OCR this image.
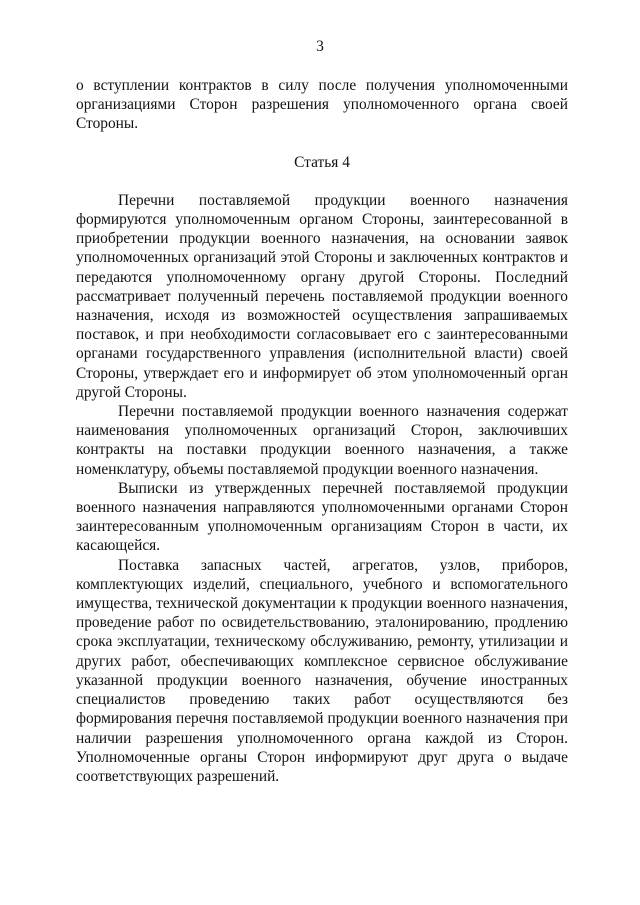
3

о вступлении контрактов в силу после получения уполномоченными организациями Сторон разрешения уполномоченного органа своей Стороны.

Статья 4

Перечни поставляемой продукции военного назначения формируются уполномоченным органом Стороны, заинтересованной в приобретении продукции военного назначения, на основании заявок уполномоченных организаций этой Стороны и заключенных контрактов и передаются уполномоченному органу другой Стороны. Последний рассматривает полученный перечень поставляемой продукции военного назначения, исходя из возможностей осуществления запрашиваемых поставок, и при необходимости согласовывает его с заинтересованными органами государственного управления (исполнительной власти) своей Стороны, утверждает его и информирует об этом уполномоченный орган другой Стороны.

Перечни поставляемой продукции военного назначения содержат наименования уполномоченных организаций Сторон, заключивших контракты на поставки продукции военного назначения, а также номенклатуру, объемы поставляемой продукции военного назначения.

Выписки из утвержденных перечней поставляемой продукции военного назначения направляются уполномоченными органами Сторон заинтересованным уполномоченным организациям Сторон в части, их касающейся.

Поставка запасных частей, агрегатов, узлов, приборов, комплектующих изделий, специального, учебного и вспомогательного имущества, технической документации к продукции военного назначения, проведение работ по освидетельствованию, эталонированию, продлению срока эксплуатации, техническому обслуживанию, ремонту, утилизации и других работ, обеспечивающих комплексное сервисное обслуживание указанной продукции военного назначения, обучение иностранных специалистов проведению таких работ осуществляются без формирования перечня поставляемой продукции военного назначения при наличии разрешения уполномоченного органа каждой из Сторон. Уполномоченные органы Сторон информируют друг друга о выдаче соответствующих разрешений.
